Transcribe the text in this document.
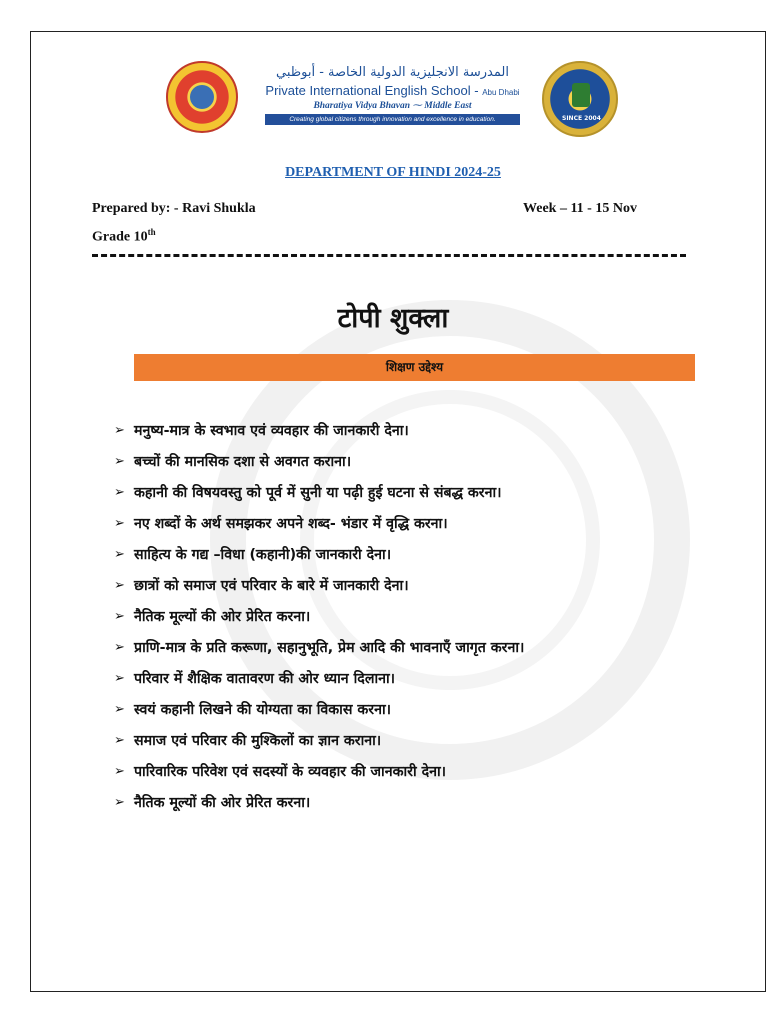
المدرسة الانجليزية الدولية الخاصة - أبوظبي
Private International English School - Abu Dhabi
Bharatiya Vidya Bhavan ⁓ Middle East
Creating global citizens through innovation and excellence in education.	SINCE 2004
DEPARTMENT OF HINDI 2024-25
Prepared by: - Ravi Shukla	Week – 11 - 15 Nov
Grade 10th
टोपी शुक्ला
शिक्षण उद्देश्य
➢ मनुष्य-मात्र के स्वभाव एवं व्यवहार की जानकारी देना।
➢ बच्चों की मानसिक दशा से अवगत कराना।
➢ कहानी की विषयवस्तु को पूर्व में सुनी या पढ़ी हुई घटना से संबद्ध करना।
➢ नए शब्दों के अर्थ समझकर अपने शब्द- भंडार में वृद्धि करना।
➢ साहित्य के गद्य –विधा (कहानी)की जानकारी देना।
➢ छात्रों को समाज एवं परिवार के बारे में जानकारी देना।
➢ नैतिक मूल्यों की ओर प्रेरित करना।
➢ प्राणि-मात्र के प्रति करूणा, सहानुभूति, प्रेम आदि की भावनाएँ जागृत करना।
➢ परिवार में शैक्षिक वातावरण की ओर ध्यान दिलाना।
➢ स्वयं कहानी लिखने की योग्यता का विकास करना।
➢ समाज एवं परिवार की मुश्किलों का ज्ञान कराना।
➢ पारिवारिक परिवेश एवं सदस्यों के व्यवहार की जानकारी देना।
➢ नैतिक मूल्यों की ओर प्रेरित करना।
